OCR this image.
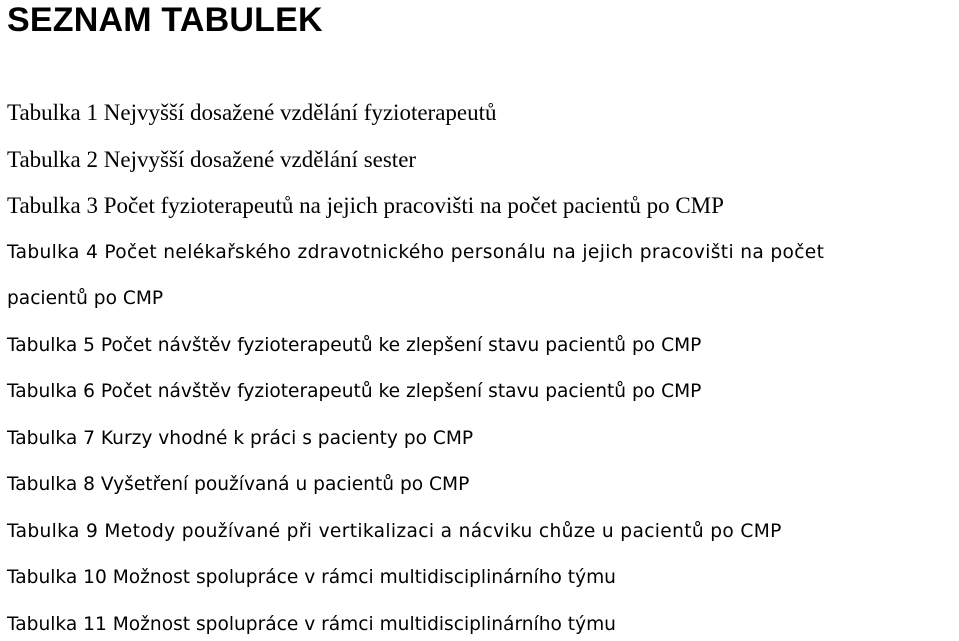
SEZNAM TABULEK
Tabulka 1 Nejvyšší dosažené vzdělání fyzioterapeutů
Tabulka 2 Nejvyšší dosažené vzdělání sester
Tabulka 3 Počet fyzioterapeutů na jejich pracovišti na počet pacientů po CMP
Tabulka 4 Počet nelékařského zdravotnického personálu na jejich pracovišti na počet
pacientů po CMP
Tabulka 5 Počet návštěv fyzioterapeutů ke zlepšení stavu pacientů po CMP
Tabulka 6 Počet návštěv fyzioterapeutů ke zlepšení stavu pacientů po CMP
Tabulka 7 Kurzy vhodné k práci s pacienty po CMP
Tabulka 8 Vyšetření používaná u pacientů po CMP
Tabulka 9 Metody používané při vertikalizaci a nácviku chůze u pacientů po CMP
Tabulka 10 Možnost spolupráce v rámci multidisciplinárního týmu
Tabulka 11 Možnost spolupráce v rámci multidisciplinárního týmu
